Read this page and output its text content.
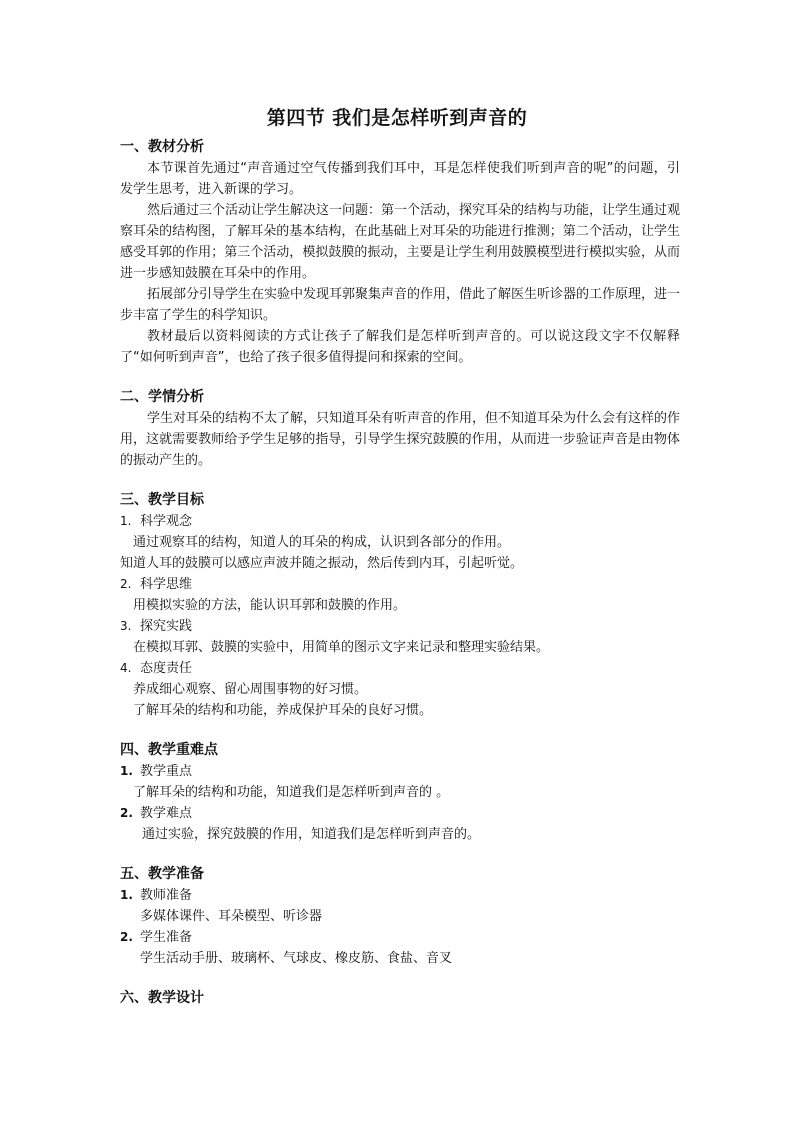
第四节 我们是怎样听到声音的
一、教材分析

本节课首先通过“声音通过空气传播到我们耳中，耳是怎样使我们听到声音的呢”的问题，引发学生思考，进入新课的学习。

然后通过三个活动让学生解决这一问题：第一个活动，探究耳朵的结构与功能，让学生通过观察耳朵的结构图，了解耳朵的基本结构，在此基础上对耳朵的功能进行推测；第二个活动，让学生感受耳郭的作用；第三个活动，模拟鼓膜的振动，主要是让学生利用鼓膜模型进行模拟实验，从而进一步感知鼓膜在耳朵中的作用。

拓展部分引导学生在实验中发现耳郭聚集声音的作用，借此了解医生听诊器的工作原理，进一步丰富了学生的科学知识。

教材最后以资料阅读的方式让孩子了解我们是怎样听到声音的。可以说这段文字不仅解释了“如何听到声音”，也给了孩子很多值得提问和探索的空间。

二、学情分析

学生对耳朵的结构不太了解，只知道耳朵有听声音的作用，但不知道耳朵为什么会有这样的作用，这就需要教师给予学生足够的指导，引导学生探究鼓膜的作用，从而进一步验证声音是由物体的振动产生的。

三、教学目标
1. 科学观念
通过观察耳的结构，知道人的耳朵的构成，认识到各部分的作用。
知道人耳的鼓膜可以感应声波并随之振动，然后传到内耳，引起听觉。
2. 科学思维
用模拟实验的方法，能认识耳郭和鼓膜的作用。
3. 探究实践
在模拟耳郭、鼓膜的实验中，用简单的图示文字来记录和整理实验结果。
4. 态度责任
养成细心观察、留心周围事物的好习惯。
了解耳朵的结构和功能，养成保护耳朵的良好习惯。
四、教学重难点
1. 教学重点
了解耳朵的结构和功能，知道我们是怎样听到声音的 。
2. 教学难点
通过实验，探究鼓膜的作用，知道我们是怎样听到声音的。
五、教学准备
1. 教师准备
多媒体课件、耳朵模型、听诊器
2. 学生准备
学生活动手册、玻璃杯、气球皮、橡皮筋、食盐、音叉
六、教学设计
